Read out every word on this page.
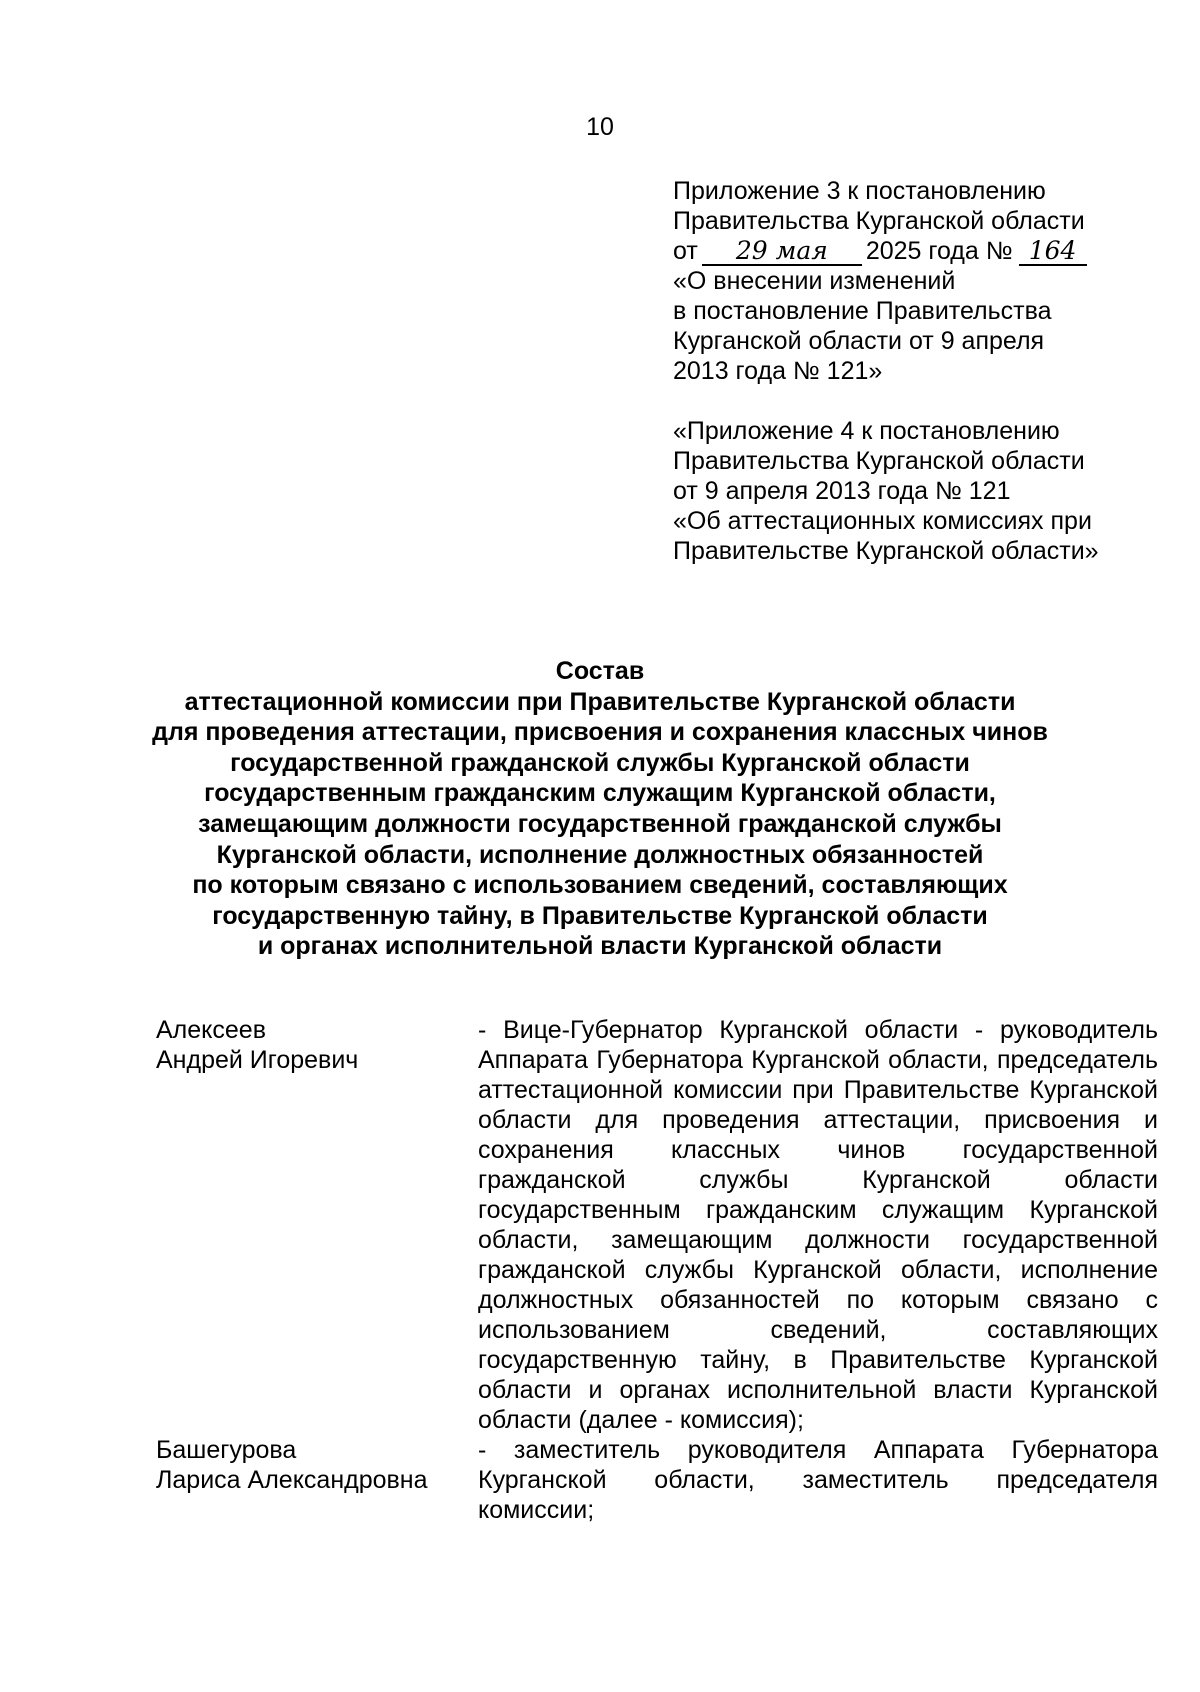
10
Приложение 3 к постановлению
Правительства Курганской области
от 29 мая 2025 года № 164
«О внесении изменений
в постановление Правительства
Курганской области от 9 апреля
2013 года № 121»
«Приложение 4 к постановлению
Правительства Курганской области
от 9 апреля 2013 года № 121
«Об аттестационных комиссиях при
Правительстве Курганской области»
Состав
аттестационной комиссии при Правительстве Курганской области
для проведения аттестации, присвоения и сохранения классных чинов
государственной гражданской службы Курганской области
государственным гражданским служащим Курганской области,
замещающим должности государственной гражданской службы
Курганской области, исполнение должностных обязанностей
по которым связано с использованием сведений, составляющих
государственную тайну, в Правительстве Курганской области
и органах исполнительной власти Курганской области
Алексеев
Андрей Игоревич
- Вице-Губернатор Курганской области - руководитель Аппарата Губернатора Курганской области, председатель аттестационной комиссии при Правительстве Курганской области для проведения аттестации, присвоения и сохранения классных чинов государственной гражданской службы Курганской области государственным гражданским служащим Курганской области, замещающим должности государственной гражданской службы Курганской области, исполнение должностных обязанностей по которым связано с использованием сведений, составляющих государственную тайну, в Правительстве Курганской области и органах исполнительной власти Курганской области (далее - комиссия);
Башегурова
Лариса Александровна
- заместитель руководителя Аппарата Губернатора Курганской области, заместитель председателя комиссии;
